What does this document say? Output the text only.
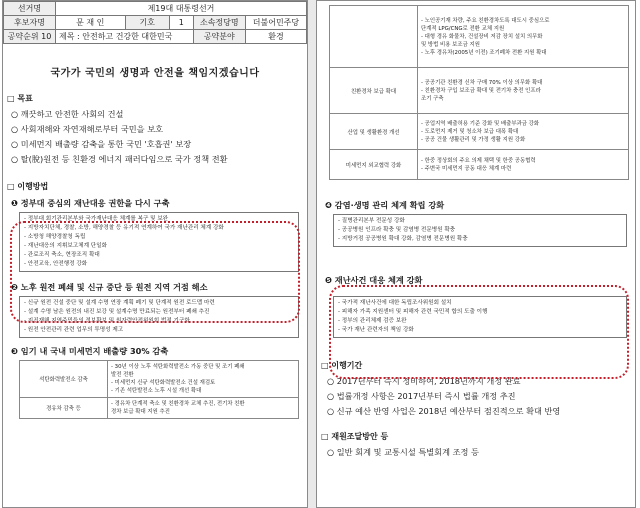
선거명	제19대 대통령선거				
후보자명	문 재 인	기호	1	소속정당명	더불어민주당
공약순위 10	제목 : 안전하고 건강한 대한민국			공약분야	환경
국가가 국민의 생명과 안전을 책임지겠습니다
□ 목표
○ 깨끗하고 안전한 사회의 건설
○ 사회재해와 자연재해로부터 국민을 보호
○ 미세먼지 배출량 감축을 통한 국민 '호흡권' 보장
○ 탈(脫)원전 등 친환경 에너지 패러다임으로 국가 정책 전환
□ 이행방법
❶ 정부대 중심의 재난대응 권한을 다시 구축

- 정부대 회기관리본부와 국가재난대응 체계를 복구 및 보완

- 지방자치단체, 경찰, 소방, 해양경찰 등 유기적 연계하여 국가 재난관리 체계 강화

- 소방청 해양경찰청 독립

- 재난대응의 지휘보고체계 단일화

- 관료조직 축소, 현장조직 확대

- 안전교육, 안전행정 강화

❷ 노후 원전 폐쇄 및 신규 중단 등 원전 지역 거점 해소

- 신규 원전 건설 중단 및 설계 수명 연장 계획 폐기 및 단계적 원전 로드맵 마련

- 설계 수명 남은 원전의 내진 보강 및 설계수명 만료되는 원전부터 폐쇄 추진

- 지진재해 지역주민들의 정보확보 및 원자력안전위원회 법적 기구화

- 원전 안전관리 관련 업무의 투명성 제고

❸ 임기 내 국내 미세먼지 배출량 30% 감축
석탄화력발전소 감축	- 30년 이상 노후 석탄화력발전소 가동 중단 및 조기 폐쇄

발전 전환

- 미세먼지 신규 석탄화력발전소 건설 재검토

- 기존 석탄발전소 노후 시설 개선 확대

경유차 감축 등	- 경유차 단계적 축소 및 친환경차 교체 추진, 전기차 친환

경차 보급 확대 지원 추진

	- 노인공기재 차량, 주요 친환경차도록 대도시 중심으로

단계적 LPG/CNG로 전환 교체 지원

- 대형 경유 화물차, 건설장비 저감 장치 설치 의무화

및 방법 비용 보조금 지원

- 노후 경유차(2005년 이전) 조기폐차 전환 지원 확대

친환경차 보급 확대	- 공공기관 친환경 신차 구매 70% 이상 의무화 확대

- 친환경차 구입 보조금 확대 및 전기차 충전 인프라

조기 구축

산업 및 생활환경 개선	- 공업지역 배출허용 기준 강화 및 배출부과금 강화

- 도로먼지 제거 및 청소차 보급 대폭 확대

- 공공 건물 생활관리 및 가정 생활 지원 강화

미세먼지 외교협력 강화	- 한중 정상회의 주요 의제 채택 및 한중 공동협력

- 주변국 미세먼지 공동 대응 체계 마련

❹ 감염·생명 관리 체계 확립 강화

- 질병관리본부 전문성 강화

- 공공병원 인프라 확충 및 감염병 전문병원 확충

- 지방거점 공공병원 확대 강화, 감염병 전문병원 확충

❺ 재난사건 대응 체계 강화

- 국가적 재난사건에 대한 독립조사위원회 설치

- 피해자 가족 지원센터 및 피해자 관련 국민적 합의 도출 이행

- 정부의 관리체제 검증 보완

- 국가 재난 관련자의 책임 강화

□ 이행기간
○ 2017년부터 즉시 정비하여, 2018년까지 개정 완료
○ 법률개정 사항은 2017년부터 즉시 법률 개정 추진
○ 신규 예산 반영 사업은 2018년 예산부터 점진적으로 확대 반영
□ 재원조달방안 등
○ 일반 회계 및 교통시설 특별회계 조정 등
